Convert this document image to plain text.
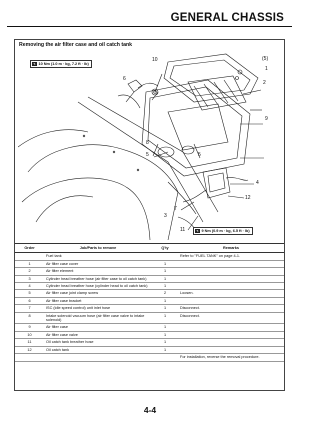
GENERAL CHASSIS
Removing the air filter case and oil catch tank
T. 10 Nm (1.0 m · kg, 7.2 ft · lb)
T. 9 Nm (0.9 m · kg, 6.5 ft · lb)
10
6
(5)
1
2
9
8
5	5
4
12
7
3
11
Order	Job/Parts to remove	Q'ty	Remarks
	Fuel tank		Refer to "FUEL TANK" on page 4-1.
1	Air filter case cover	1	
2	Air filter element	1	
3	Cylinder head breather hose (air filter case to oil catch tank)	1	
4	Cylinder head breather hose (cylinder head to oil catch tank)	1	
5	Air filter case joint clamp screw	2	Loosen.
6	Air filter case bracket	1	
7	ISC (idle speed control) unit inlet hose	1	Disconnect.
8	Intake solenoid vacuum hose (air filter case valve to intake solenoid)	1	Disconnect.
9	Air filter case	1	
10	Air filter case valve	1	
11	Oil catch tank breather hose	1	
12	Oil catch tank	1	
			For installation, reverse the removal procedure.
4-4
